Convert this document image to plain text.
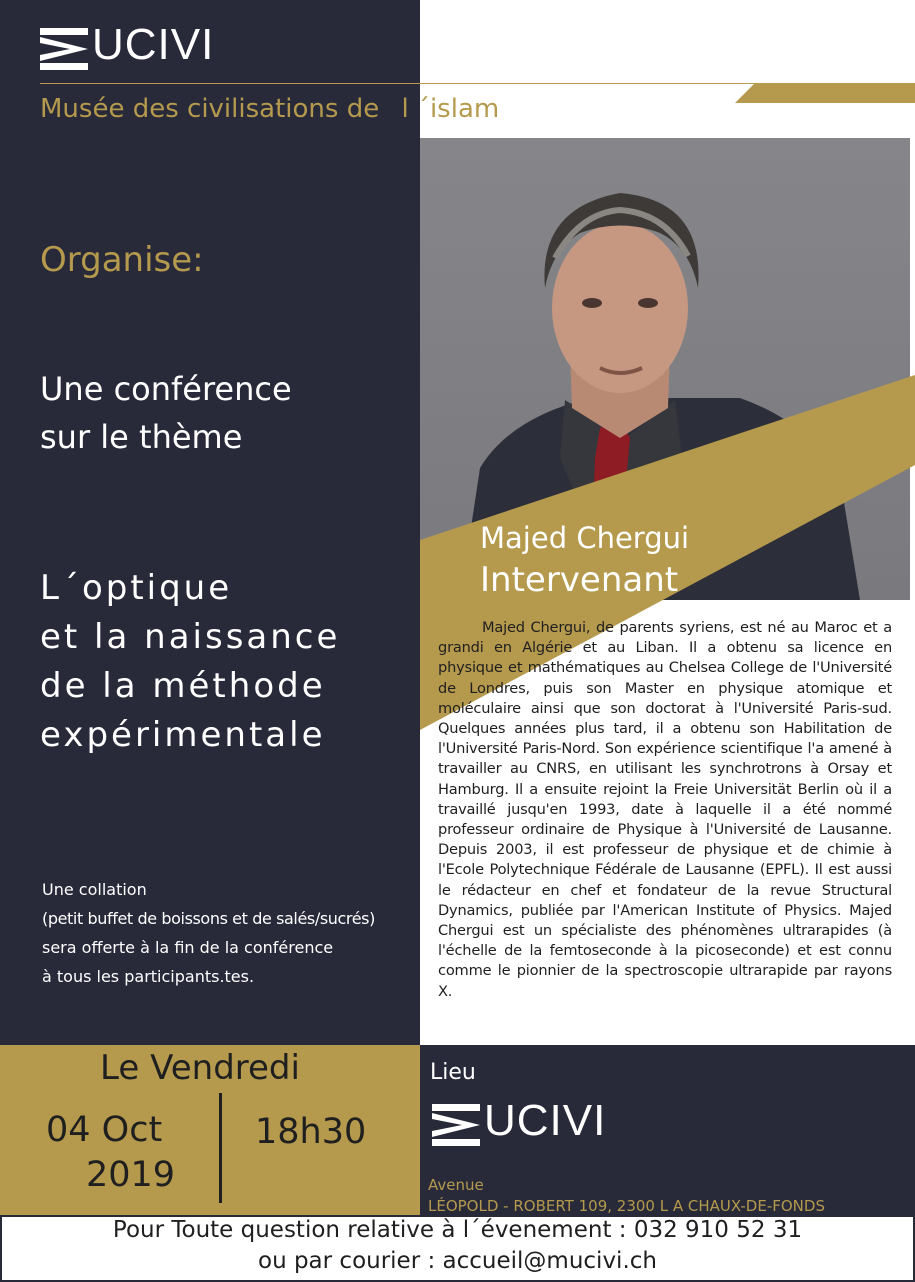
UCIVI
Musée des civilisations de l ´islam
Organise:
Une conférence
sur le thème
L´optique
et la naissance
de la méthode
expérimentale
Une collation
(petit buffet de boissons et de salés/sucrés)
sera offerte à la fin de la conférence
à tous les participants.tes.
Majed Chergui
Intervenant
Majed Chergui, de parents syriens, est né au Maroc et a grandi en Algérie et au Liban. Il a obtenu sa licence en physique et mathématiques au Chelsea College de l'Université de Londres, puis son Master en physique atomique et moléculaire ainsi que son doctorat à l'Université Paris-sud. Quelques années plus tard, il a obtenu son Habilitation de l'Université Paris-Nord. Son expérience scientifique l'a amené à travailler au CNRS, en utilisant les synchrotrons à Orsay et Hamburg. Il a ensuite rejoint la Freie Universität Berlin où il a travaillé jusqu'en 1993, date à laquelle il a été nommé professeur ordinaire de Physique à l'Université de Lausanne. Depuis 2003, il est professeur de physique et de chimie à l'Ecole Polytechnique Fédérale de Lausanne (EPFL). Il est aussi le rédacteur en chef et fondateur de la revue Structural Dynamics, publiée par l'American Institute of Physics. Majed Chergui est un spécialiste des phénomènes ultrarapides (à l'échelle de la femtoseconde à la picoseconde) et est connu comme le pionnier de la spectroscopie ultrarapide par rayons X.
Le Vendredi
04 Oct
2019
18h30
Lieu
UCIVI
Avenue
LÉOPOLD - ROBERT 109, 2300 L A CHAUX-DE-FONDS
Pour Toute question relative à l´évenement : 032 910 52 31
ou par courier : accueil@mucivi.ch
